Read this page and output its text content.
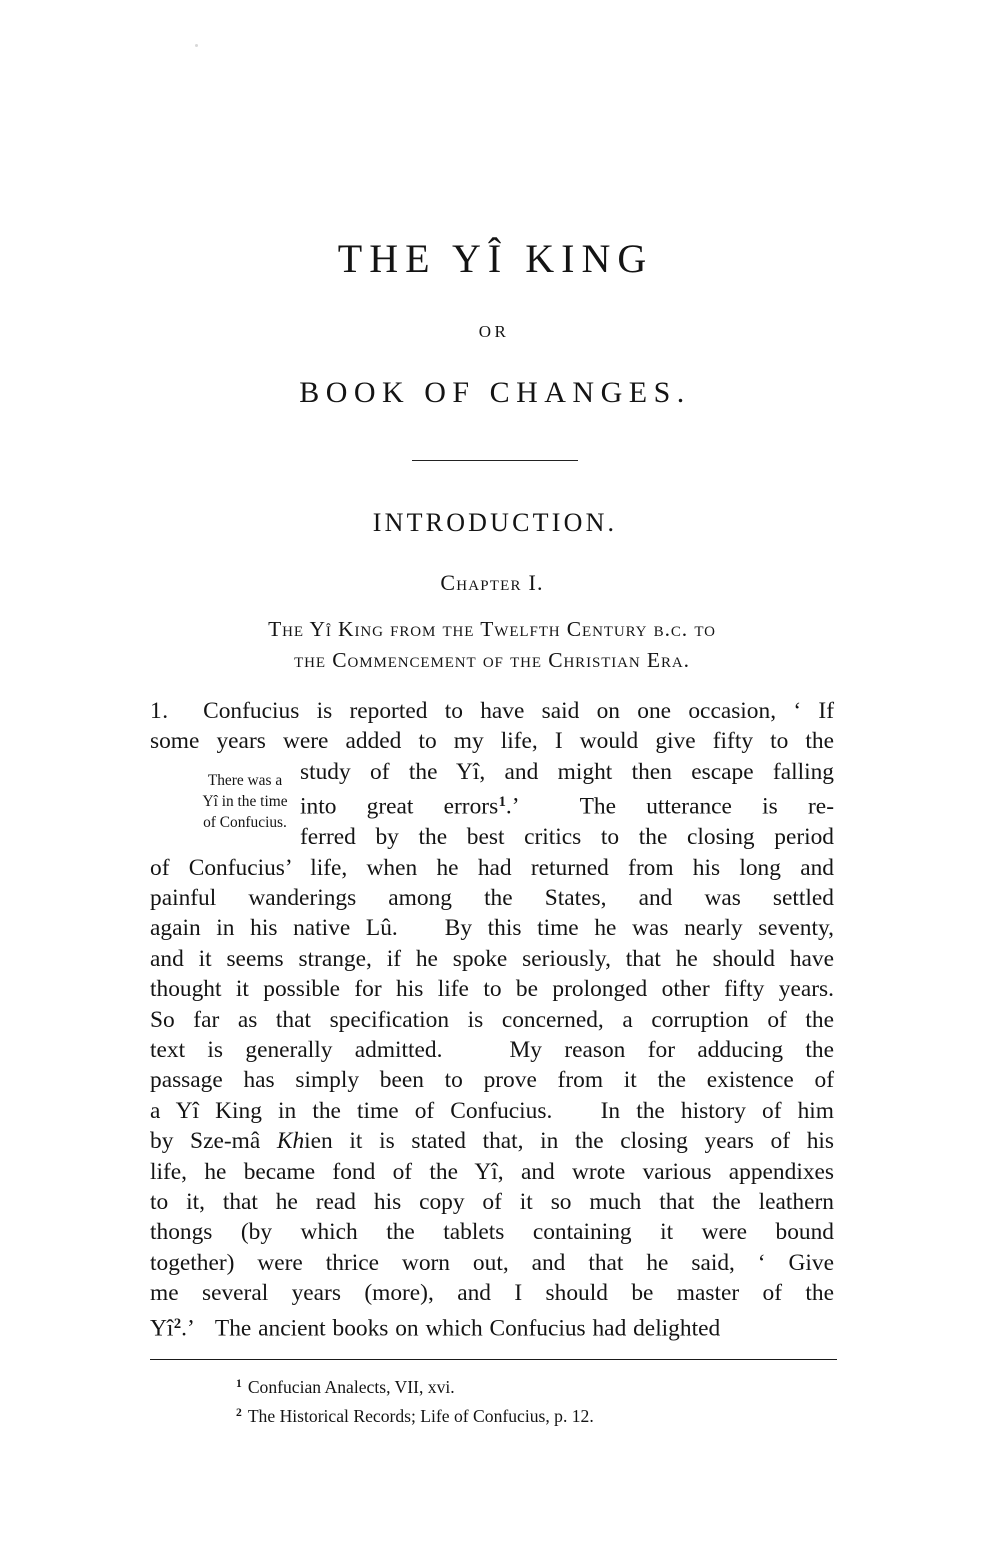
THE YÎ KING
OR
BOOK OF CHANGES.
INTRODUCTION.
Chapter I.
The Yî King from the Twelfth Century b.c. to
the Commencement of the Christian Era.
There was a
Yî in the time
of Confucius.
1.  Confucius is reported to have said on one occasion, ‘ If
some years were added to my life, I would give fifty to the
study of the Yî, and might then escape falling
into great errors$^1$.’  The utterance is re-
ferred by the best critics to the closing period
of Confucius’ life, when he had returned from his long and
painful wanderings among the States, and was settled
again in his native Lû.   By this time he was nearly seventy,
and it seems strange, if he spoke seriously, that he should have
thought it possible for his life to be prolonged other fifty years.
So far as that specification is concerned, a corruption of the
text is generally admitted.   My reason for adducing the
passage has simply been to prove from it the existence of
a Yî King in the time of Confucius.   In the history of him
by Sze-mâ Khien it is stated that, in the closing years of his
life, he became fond of the Yî, and wrote various appendixes
to it, that he read his copy of it so much that the leathern
thongs (by which the tablets containing it were bound
together) were thrice worn out, and that he said, ‘ Give
me several years (more), and I should be master of the
Yî$^2$.’   The ancient books on which Confucius had delighted
$^1$ Confucian Analects, VII, xvi.
$^2$ The Historical Records; Life of Confucius, p. 12.
